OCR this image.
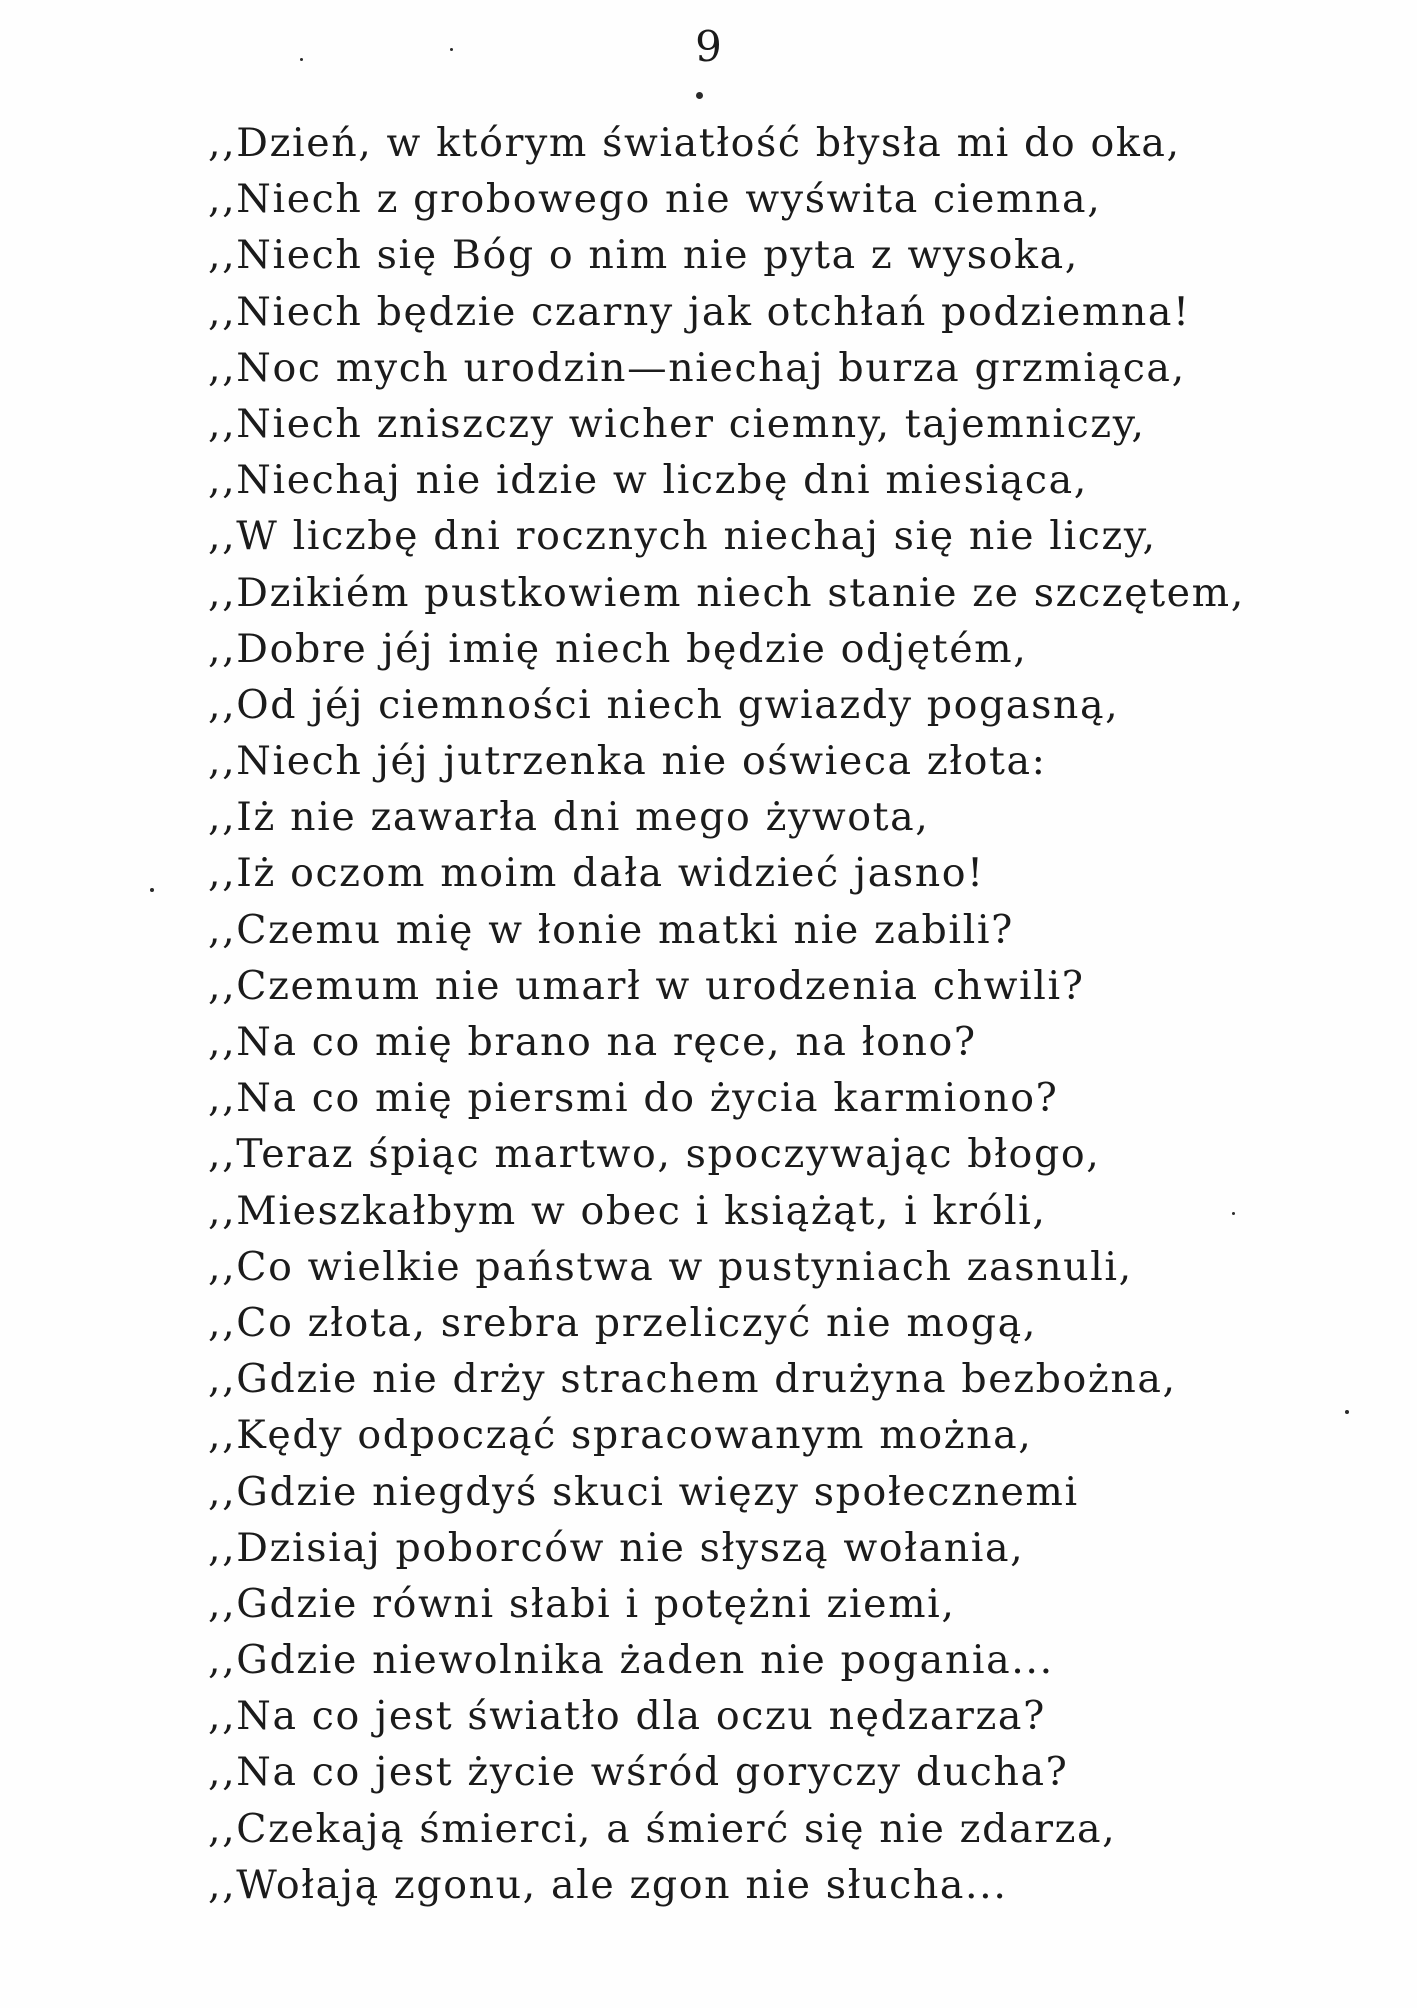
9
,,Dzień, w którym światłość błysła mi do oka,
,,Niech z grobowego nie wyświta ciemna,
,,Niech się Bóg o nim nie pyta z wysoka,
,,Niech będzie czarny jak otchłań podziemna!
,,Noc mych urodzin—niechaj burza grzmiąca,
,,Niech zniszczy wicher ciemny, tajemniczy,
,,Niechaj nie idzie w liczbę dni miesiąca,
,,W liczbę dni rocznych niechaj się nie liczy,
,,Dzikiém pustkowiem niech stanie ze szczętem,
,,Dobre jéj imię niech będzie odjętém,
,,Od jéj ciemności niech gwiazdy pogasną,
,,Niech jéj jutrzenka nie oświeca złota:
,,Iż nie zawarła dni mego żywota,
,,Iż oczom moim dała widzieć jasno!
,,Czemu mię w łonie matki nie zabili?
,,Czemum nie umarł w urodzenia chwili?
,,Na co mię brano na ręce, na łono?
,,Na co mię piersmi do życia karmiono?
,,Teraz śpiąc martwo, spoczywając błogo,
,,Mieszkałbym w obec i książąt, i króli,
,,Co wielkie państwa w pustyniach zasnuli,
,,Co złota, srebra przeliczyć nie mogą,
,,Gdzie nie drży strachem drużyna bezbożna,
,,Kędy odpocząć spracowanym można,
,,Gdzie niegdyś skuci więzy społecznemi
,,Dzisiaj poborców nie słyszą wołania,
,,Gdzie równi słabi i potężni ziemi,
,,Gdzie niewolnika żaden nie pogania...
,,Na co jest światło dla oczu nędzarza?
,,Na co jest życie wśród goryczy ducha?
,,Czekają śmierci, a śmierć się nie zdarza,
,,Wołają zgonu, ale zgon nie słucha...
